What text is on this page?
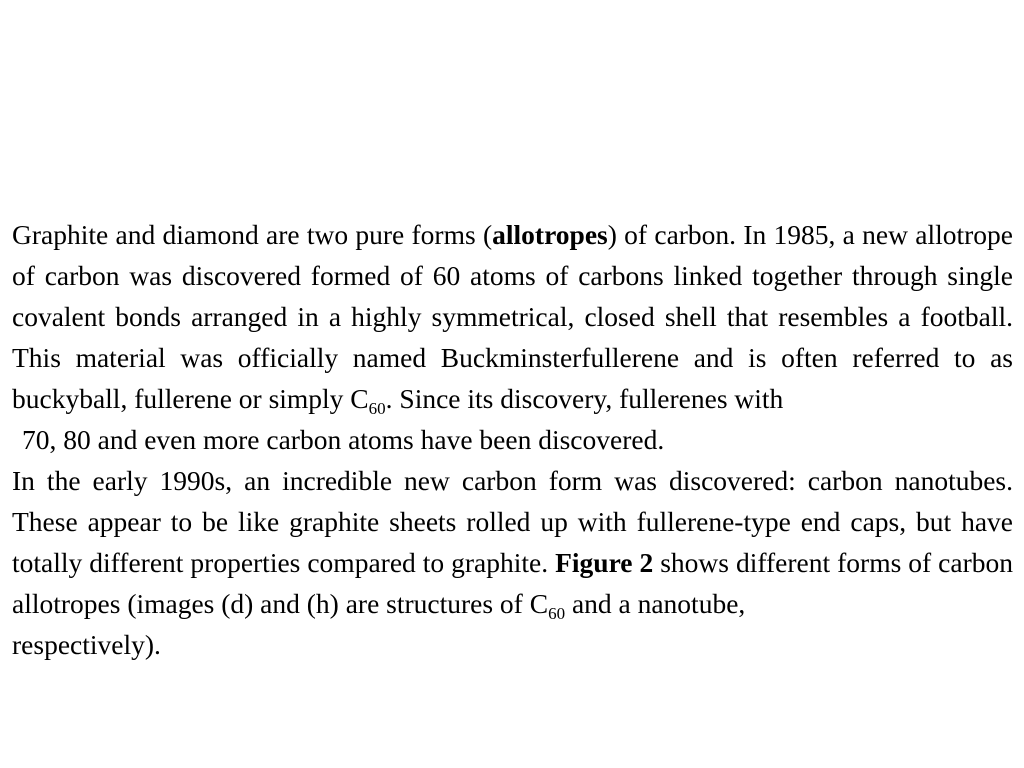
Graphite and diamond are two pure forms (allotropes) of carbon. In 1985, a new allotrope of carbon was discovered formed of 60 atoms of carbons linked together through single covalent bonds arranged in a highly symmetrical, closed shell that resembles a football. This material was officially named Buckminsterfullerene and is often referred to as buckyball, fullerene or simply $C_{60}$. Since its discovery, fullerenes with
70, 80 and even more carbon atoms have been discovered.

In the early 1990s, an incredible new carbon form was discovered: carbon nanotubes. These appear to be like graphite sheets rolled up with fullerene-type end caps, but have totally different properties compared to graphite. Figure 2 shows different forms of carbon allotropes (images (d) and (h) are structures of $C_{60}$ and a nanotube,
respectively).
